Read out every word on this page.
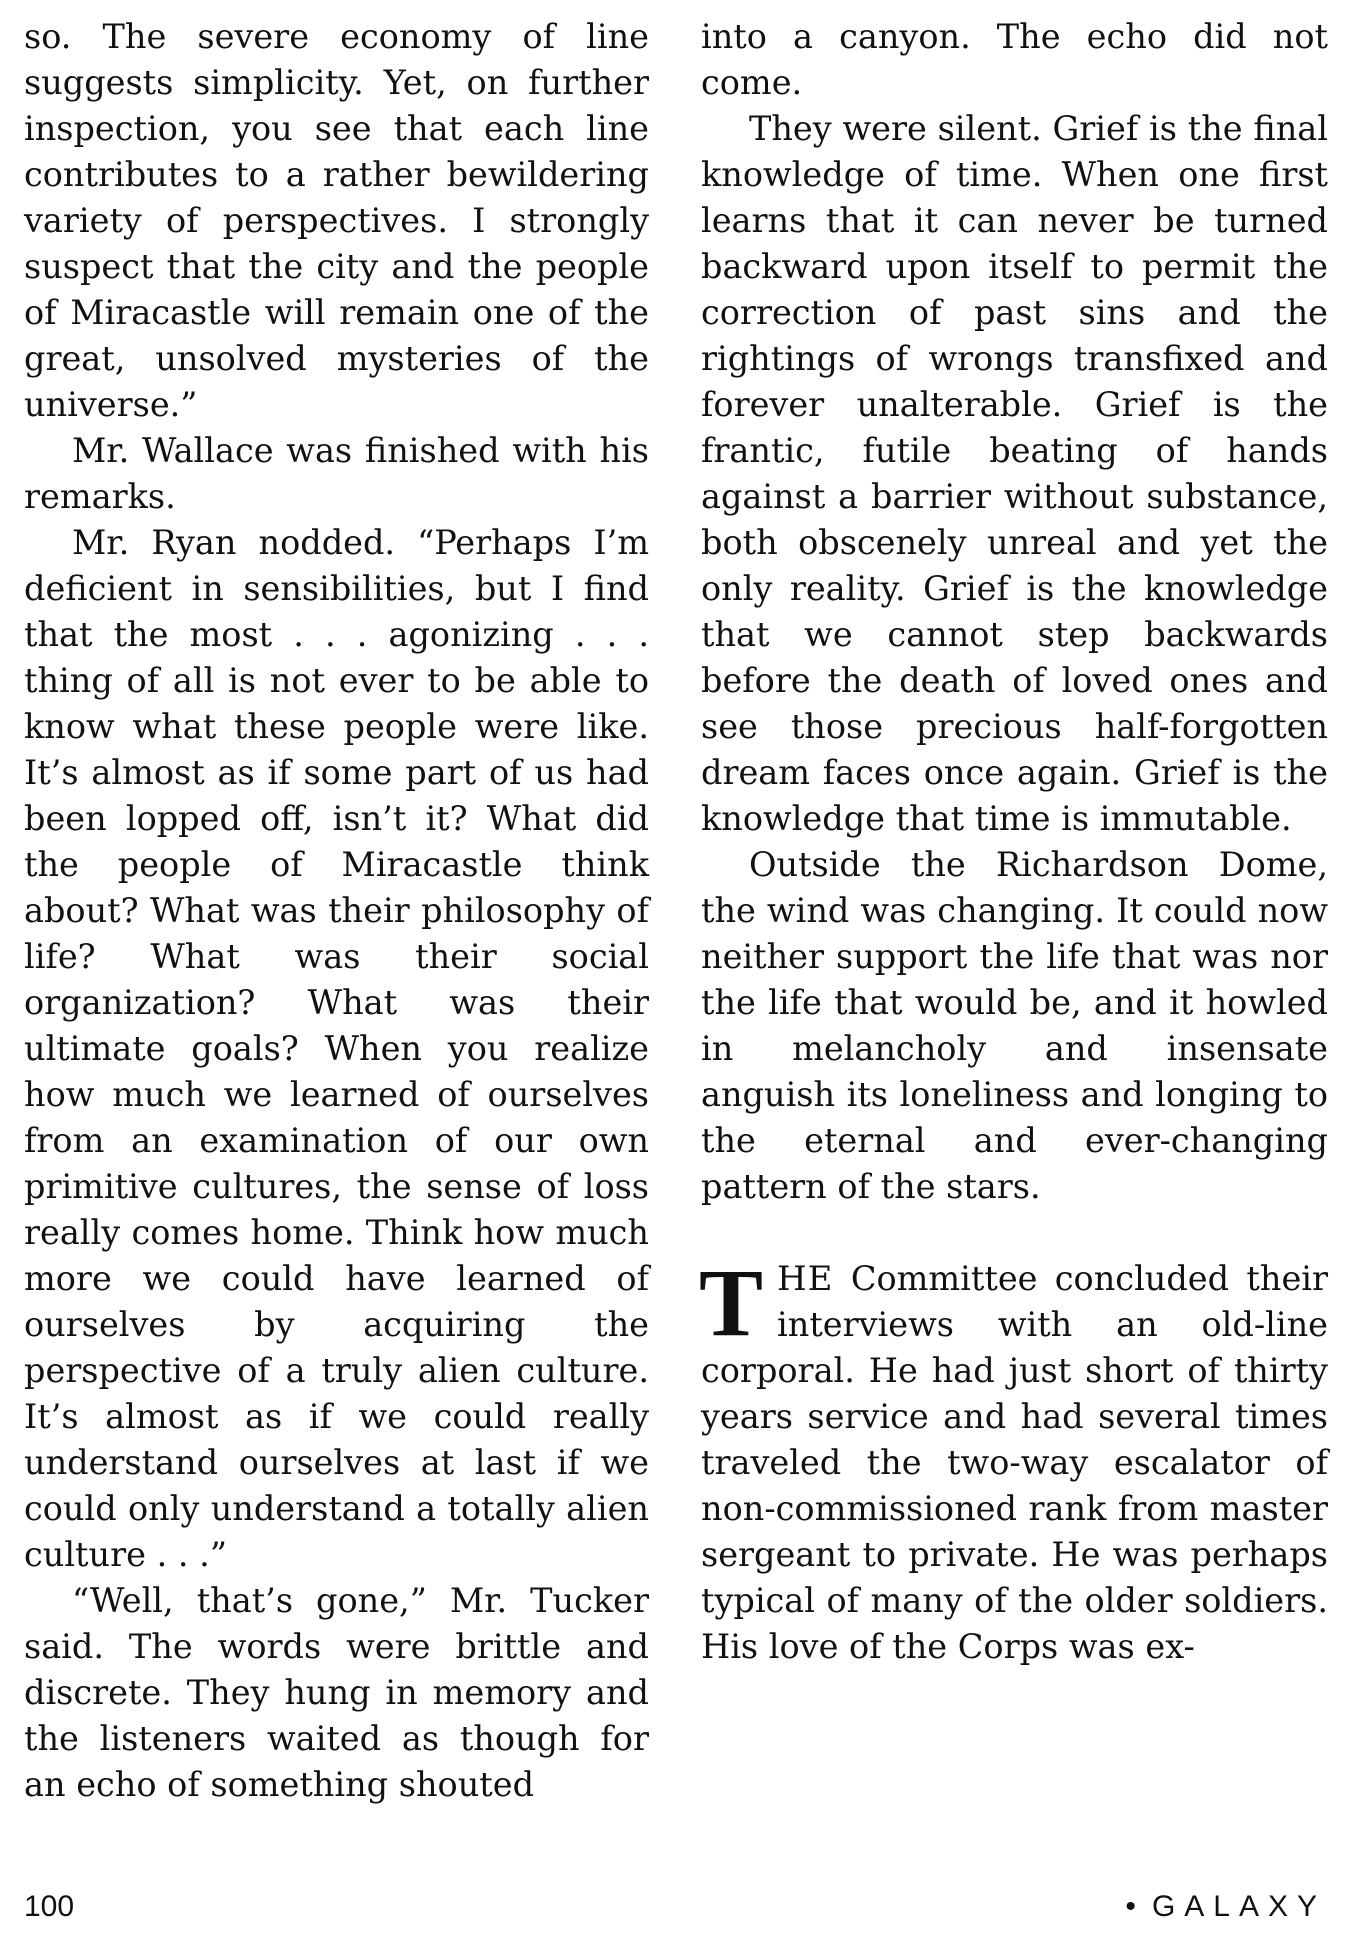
so. The severe economy of line suggests simplicity. Yet, on further inspection, you see that each line contributes to a rather bewildering variety of perspectives. I strongly suspect that the city and the people of Miracastle will remain one of the great, unsolved mysteries of the universe.”

Mr. Wallace was finished with his remarks.

Mr. Ryan nodded. “Perhaps I’m deficient in sensibilities, but I find that the most . . . agonizing . . . thing of all is not ever to be able to know what these people were like. It’s almost as if some part of us had been lopped off, isn’t it? What did the people of Miracastle think about? What was their philosophy of life? What was their social organization? What was their ultimate goals? When you realize how much we learned of ourselves from an examination of our own primitive cultures, the sense of loss really comes home. Think how much more we could have learned of ourselves by acquiring the perspective of a truly alien culture. It’s almost as if we could really understand ourselves at last if we could only understand a totally alien culture . . .”

“Well, that’s gone,” Mr. Tucker said. The words were brittle and discrete. They hung in memory and the listeners waited as though for an echo of something shouted

into a canyon. The echo did not come.

They were silent. Grief is the final knowledge of time. When one first learns that it can never be turned backward upon itself to permit the correction of past sins and the rightings of wrongs transfixed and forever unalterable. Grief is the frantic, futile beating of hands against a barrier without substance, both obscenely unreal and yet the only reality. Grief is the knowledge that we cannot step backwards before the death of loved ones and see those precious half-forgotten dream faces once again. Grief is the knowledge that time is immutable.

Outside the Richardson Dome, the wind was changing. It could now neither support the life that was nor the life that would be, and it howled in melancholy and insensate anguish its loneliness and longing to the eternal and ever-changing pattern of the stars.

THE Committee concluded their interviews with an old-line corporal. He had just short of thirty years service and had several times traveled the two-way escalator of non-commissioned rank from master sergeant to private. He was perhaps typical of many of the older soldiers. His love of the Corps was ex-

100	• GALAXY
